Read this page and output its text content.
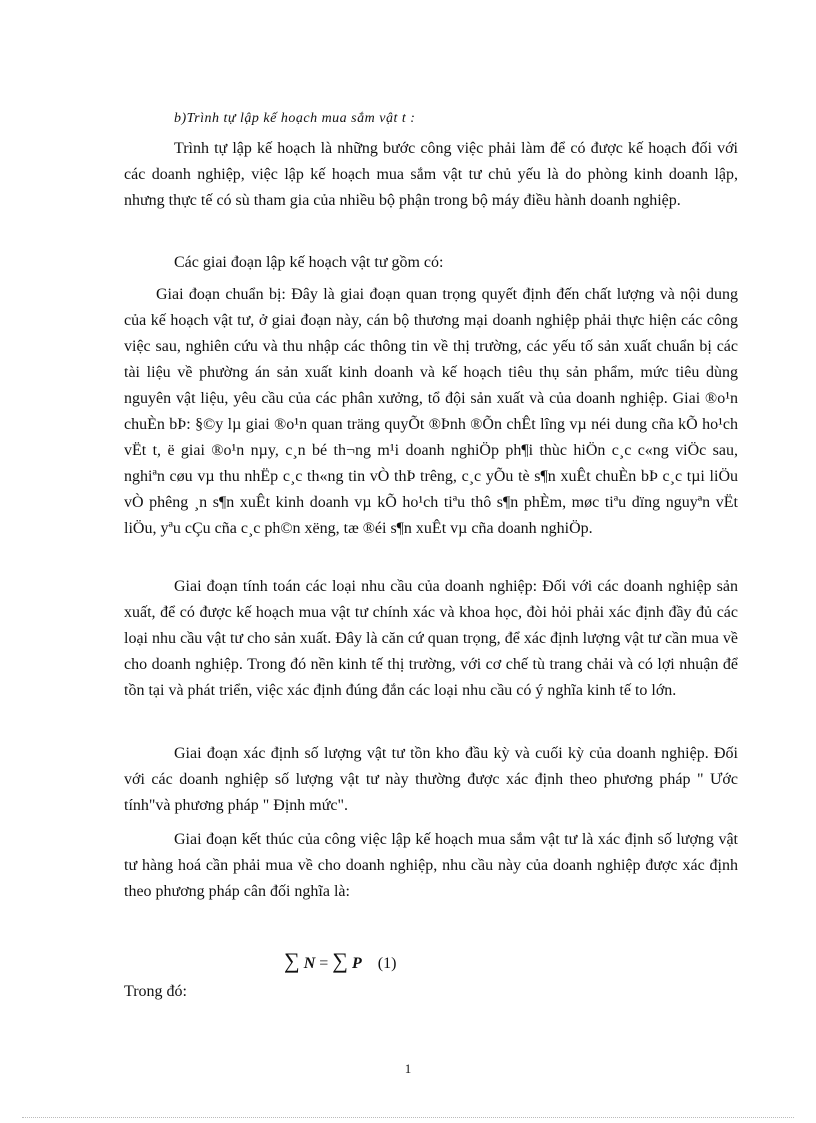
b)Trình tự lập kế hoạch mua sắm vật t :

Trình tự lập kế hoạch là những bước công việc phải làm để có được kế hoạch đối với các doanh nghiệp, việc lập kế hoạch mua sắm vật tư chủ yếu là do phòng kinh doanh lập, nhưng thực tế có sù tham gia của nhiều bộ phận trong bộ máy điều hành doanh nghiệp.

Các giai đoạn lập kế hoạch vật tư gồm có:

Giai đoạn chuẩn bị: Đây là giai đoạn quan trọng quyết định đến chất lượng và nội dung của kế hoạch vật tư, ở giai đoạn này, cán bộ thương mại doanh nghiệp phải thực hiện các công việc sau, nghiên cứu và thu nhập các thông tin về thị trường, các yếu tố sản xuất chuẩn bị các tài liệu về phường án sản xuất kinh doanh và kế hoạch tiêu thụ sản phẩm, mức tiêu dùng nguyên vật liệu, yêu cầu của các phân xưởng, tổ đội sản xuất và của doanh nghiệp. Giai ®o¹n chuÈn bÞ: §©y lµ giai ®o¹n quan träng quyÕt ®Þnh ®Õn chÊt lîng vµ néi dung cña kÕ ho¹ch vËt t, ë giai ®o¹n nµy, c¸n bé th¬ng m¹i doanh nghiÖp ph¶i thùc hiÖn c¸c c«ng viÖc sau, nghiªn cøu vµ thu nhËp c¸c th«ng tin vÒ thÞ trêng, c¸c yÕu tè s¶n xuÊt chuÈn bÞ c¸c tµi liÖu vÒ phêng ¸n s¶n xuÊt kinh doanh vµ kÕ ho¹ch tiªu thô s¶n phÈm, møc tiªu dïng nguyªn vËt liÖu, yªu cÇu cña c¸c ph©n xëng, tæ ®éi s¶n xuÊt vµ cña doanh nghiÖp.

Giai đoạn tính toán các loại nhu cầu của doanh nghiệp: Đối với các doanh nghiệp sản xuất, để có được kế hoạch mua vật tư chính xác và khoa học, đòi hỏi phải xác định đầy đủ các loại nhu cầu vật tư cho sản xuất. Đây là căn cứ quan trọng, để xác định lượng vật tư cần mua về cho doanh nghiệp. Trong đó nền kinh tế thị trường, với cơ chế tù trang chải và có lợi nhuận để tồn tại và phát triển, việc xác định đúng đắn các loại nhu cầu có ý nghĩa kinh tế to lớn.

Giai đoạn xác định số lượng vật tư tồn kho đầu kỳ và cuối kỳ của doanh nghiệp. Đối với các doanh nghiệp số lượng vật tư này thường được xác định theo phương pháp " Ước tính"và phương pháp " Định mức".

Giai đoạn kết thúc của công việc lập kế hoạch mua sắm vật tư là xác định số lượng vật tư hàng hoá cần phải mua về cho doanh nghiệp, nhu cầu này của doanh nghiệp được xác định theo phương pháp cân đối nghĩa là:

∑ N = ∑ P (1)
Trong đó:
1
